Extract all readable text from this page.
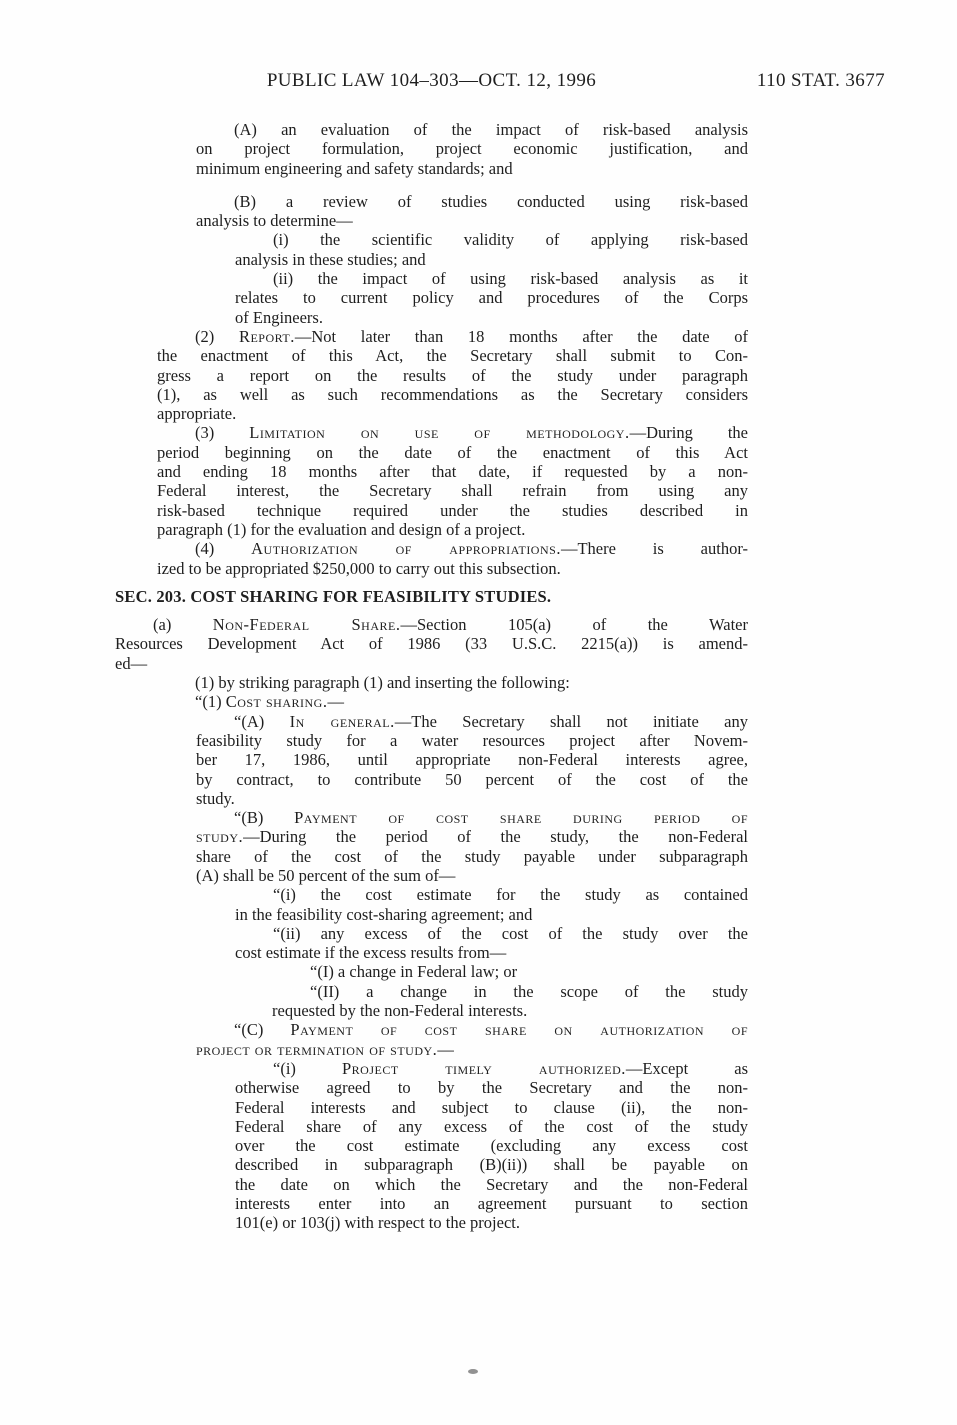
PUBLIC LAW 104–303—OCT. 12, 1996	110 STAT. 3677
(A) an evaluation of the impact of risk-based analysis
on project formulation, project economic justification, and
minimum engineering and safety standards; and
(B) a review of studies conducted using risk-based
analysis to determine—
(i) the scientific validity of applying risk-based
analysis in these studies; and
(ii) the impact of using risk-based analysis as it
relates to current policy and procedures of the Corps
of Engineers.
(2) Report.—Not later than 18 months after the date of
the enactment of this Act, the Secretary shall submit to Con-
gress a report on the results of the study under paragraph
(1), as well as such recommendations as the Secretary considers
appropriate.
(3) Limitation on use of methodology.—During the
period beginning on the date of the enactment of this Act
and ending 18 months after that date, if requested by a non-
Federal interest, the Secretary shall refrain from using any
risk-based technique required under the studies described in
paragraph (1) for the evaluation and design of a project.
(4) Authorization of appropriations.—There is author-
ized to be appropriated $250,000 to carry out this subsection.
SEC. 203. COST SHARING FOR FEASIBILITY STUDIES.
(a) Non-Federal Share.—Section 105(a) of the Water
Resources Development Act of 1986 (33 U.S.C. 2215(a)) is amend-
ed—
(1) by striking paragraph (1) and inserting the following:
“(1) Cost sharing.—
“(A) In general.—The Secretary shall not initiate any
feasibility study for a water resources project after Novem-
ber 17, 1986, until appropriate non-Federal interests agree,
by contract, to contribute 50 percent of the cost of the
study.
“(B) Payment of cost share during period of
study.—During the period of the study, the non-Federal
share of the cost of the study payable under subparagraph
(A) shall be 50 percent of the sum of—
“(i) the cost estimate for the study as contained
in the feasibility cost-sharing agreement; and
“(ii) any excess of the cost of the study over the
cost estimate if the excess results from—
“(I) a change in Federal law; or
“(II) a change in the scope of the study
requested by the non-Federal interests.
“(C) Payment of cost share on authorization of
project or termination of study.—
“(i) Project timely authorized.—Except as
otherwise agreed to by the Secretary and the non-
Federal interests and subject to clause (ii), the non-
Federal share of any excess of the cost of the study
over the cost estimate (excluding any excess cost
described in subparagraph (B)(ii)) shall be payable on
the date on which the Secretary and the non-Federal
interests enter into an agreement pursuant to section
101(e) or 103(j) with respect to the project.
